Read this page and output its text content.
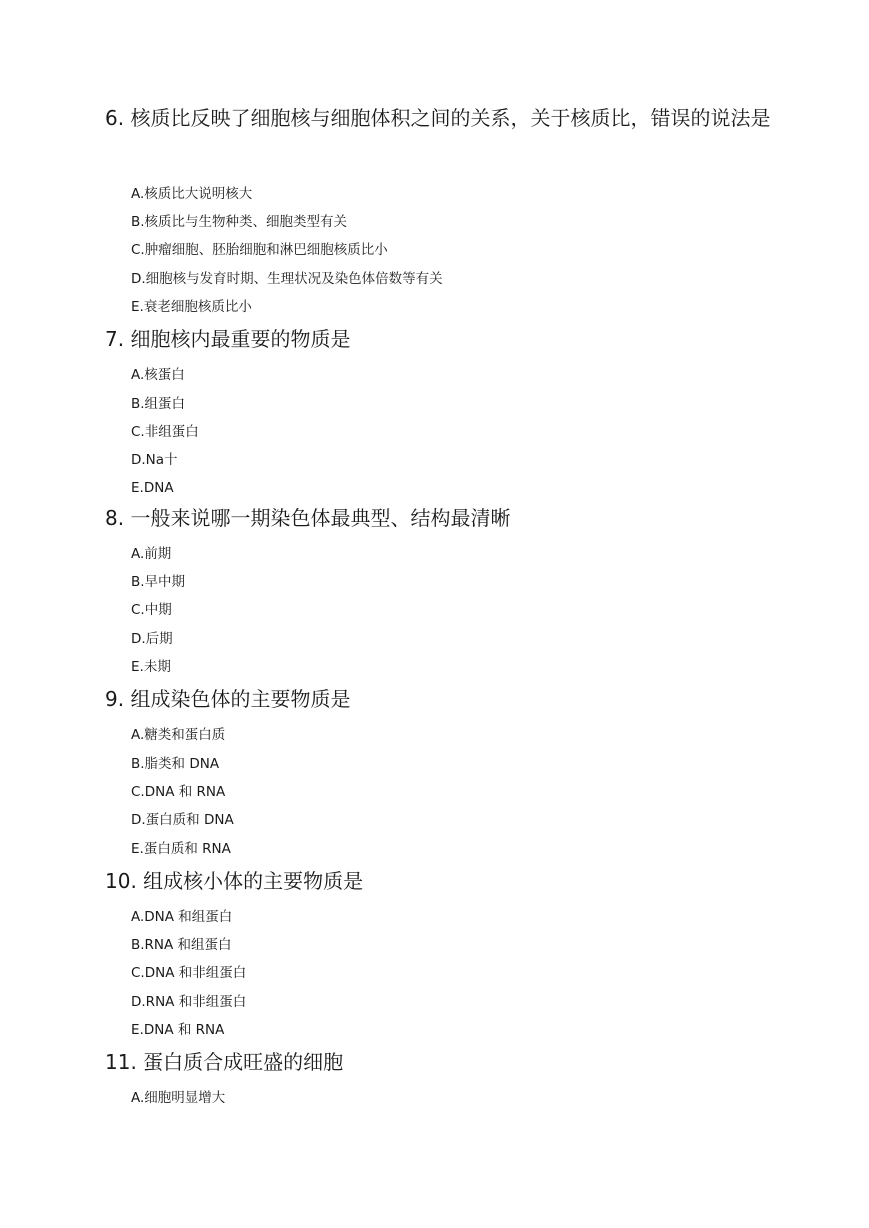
6. 核质比反映了细胞核与细胞体积之间的关系，关于核质比，错误的说法是
A.核质比大说明核大
B.核质比与生物种类、细胞类型有关
C.肿瘤细胞、胚胎细胞和淋巴细胞核质比小
D.细胞核与发育时期、生理状况及染色体倍数等有关
E.衰老细胞核质比小
7. 细胞核内最重要的物质是
A.核蛋白
B.组蛋白
C.非组蛋白
D.Na十
E.DNA
8. 一般来说哪一期染色体最典型、结构最清晰
A.前期
B.早中期
C.中期
D.后期
E.未期
9. 组成染色体的主要物质是
A.糖类和蛋白质
B.脂类和 DNA
C.DNA 和 RNA
D.蛋白质和 DNA
E.蛋白质和 RNA
10. 组成核小体的主要物质是
A.DNA 和组蛋白
B.RNA 和组蛋白
C.DNA 和非组蛋白
D.RNA 和非组蛋白
E.DNA 和 RNA
11. 蛋白质合成旺盛的细胞
A.细胞明显增大
